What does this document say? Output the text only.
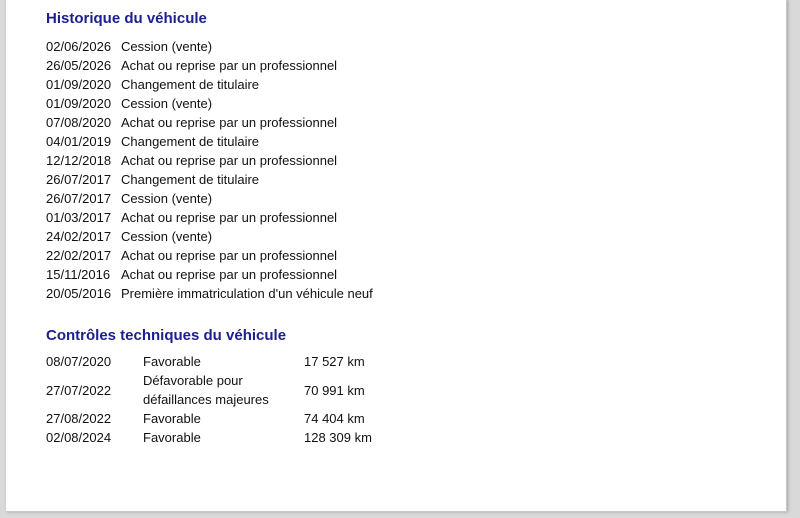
Historique du véhicule
02/06/2026 Cession (vente)
26/05/2026 Achat ou reprise par un professionnel
01/09/2020 Changement de titulaire
01/09/2020 Cession (vente)
07/08/2020 Achat ou reprise par un professionnel
04/01/2019 Changement de titulaire
12/12/2018 Achat ou reprise par un professionnel
26/07/2017 Changement de titulaire
26/07/2017 Cession (vente)
01/03/2017 Achat ou reprise par un professionnel
24/02/2017 Cession (vente)
22/02/2017 Achat ou reprise par un professionnel
15/11/2016 Achat ou reprise par un professionnel
20/05/2016 Première immatriculation d'un véhicule neuf
Contrôles techniques du véhicule
08/07/2020	Favorable	17 527 km
27/07/2022	Défavorable pour défaillances majeures	70 991 km
27/08/2022	Favorable	74 404 km
02/08/2024	Favorable	128 309 km
